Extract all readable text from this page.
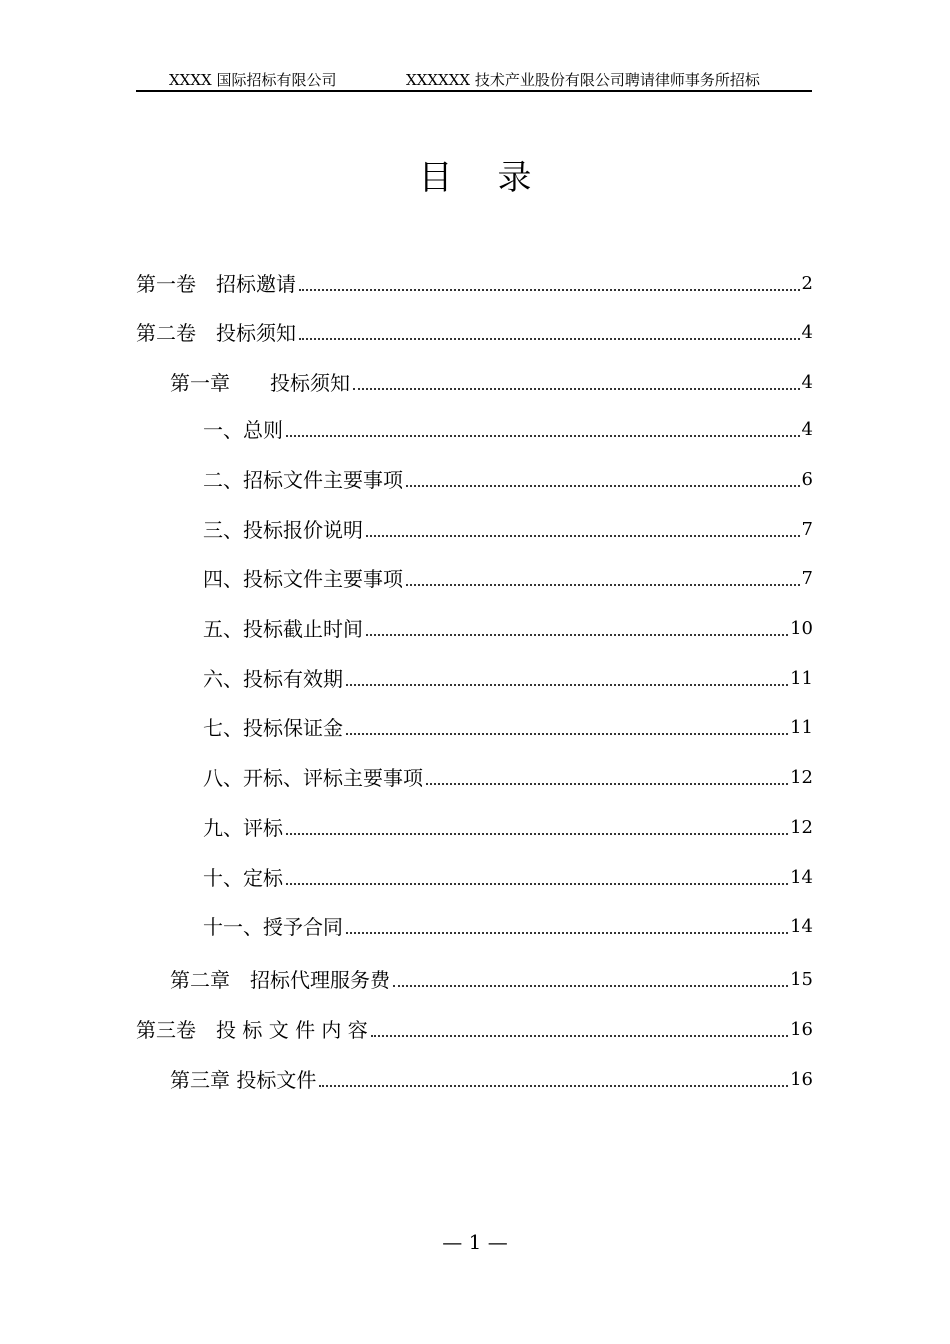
XXXX 国际招标有限公司	XXXXXX 技术产业股份有限公司聘请律师事务所招标
目录
第一卷　招标邀请	2
第二卷　投标须知	4
第一章　　投标须知	4
一、总则	4
二、招标文件主要事项	6
三、投标报价说明	7
四、投标文件主要事项	7
五、投标截止时间	10
六、投标有效期	11
七、投标保证金	11
八、开标、评标主要事项	12
九、评标	12
十、定标	14
十一、授予合同	14
第二章　招标代理服务费	15
第三卷　投 标 文 件 内 容	16
第三章 投标文件	16
— 1 —
